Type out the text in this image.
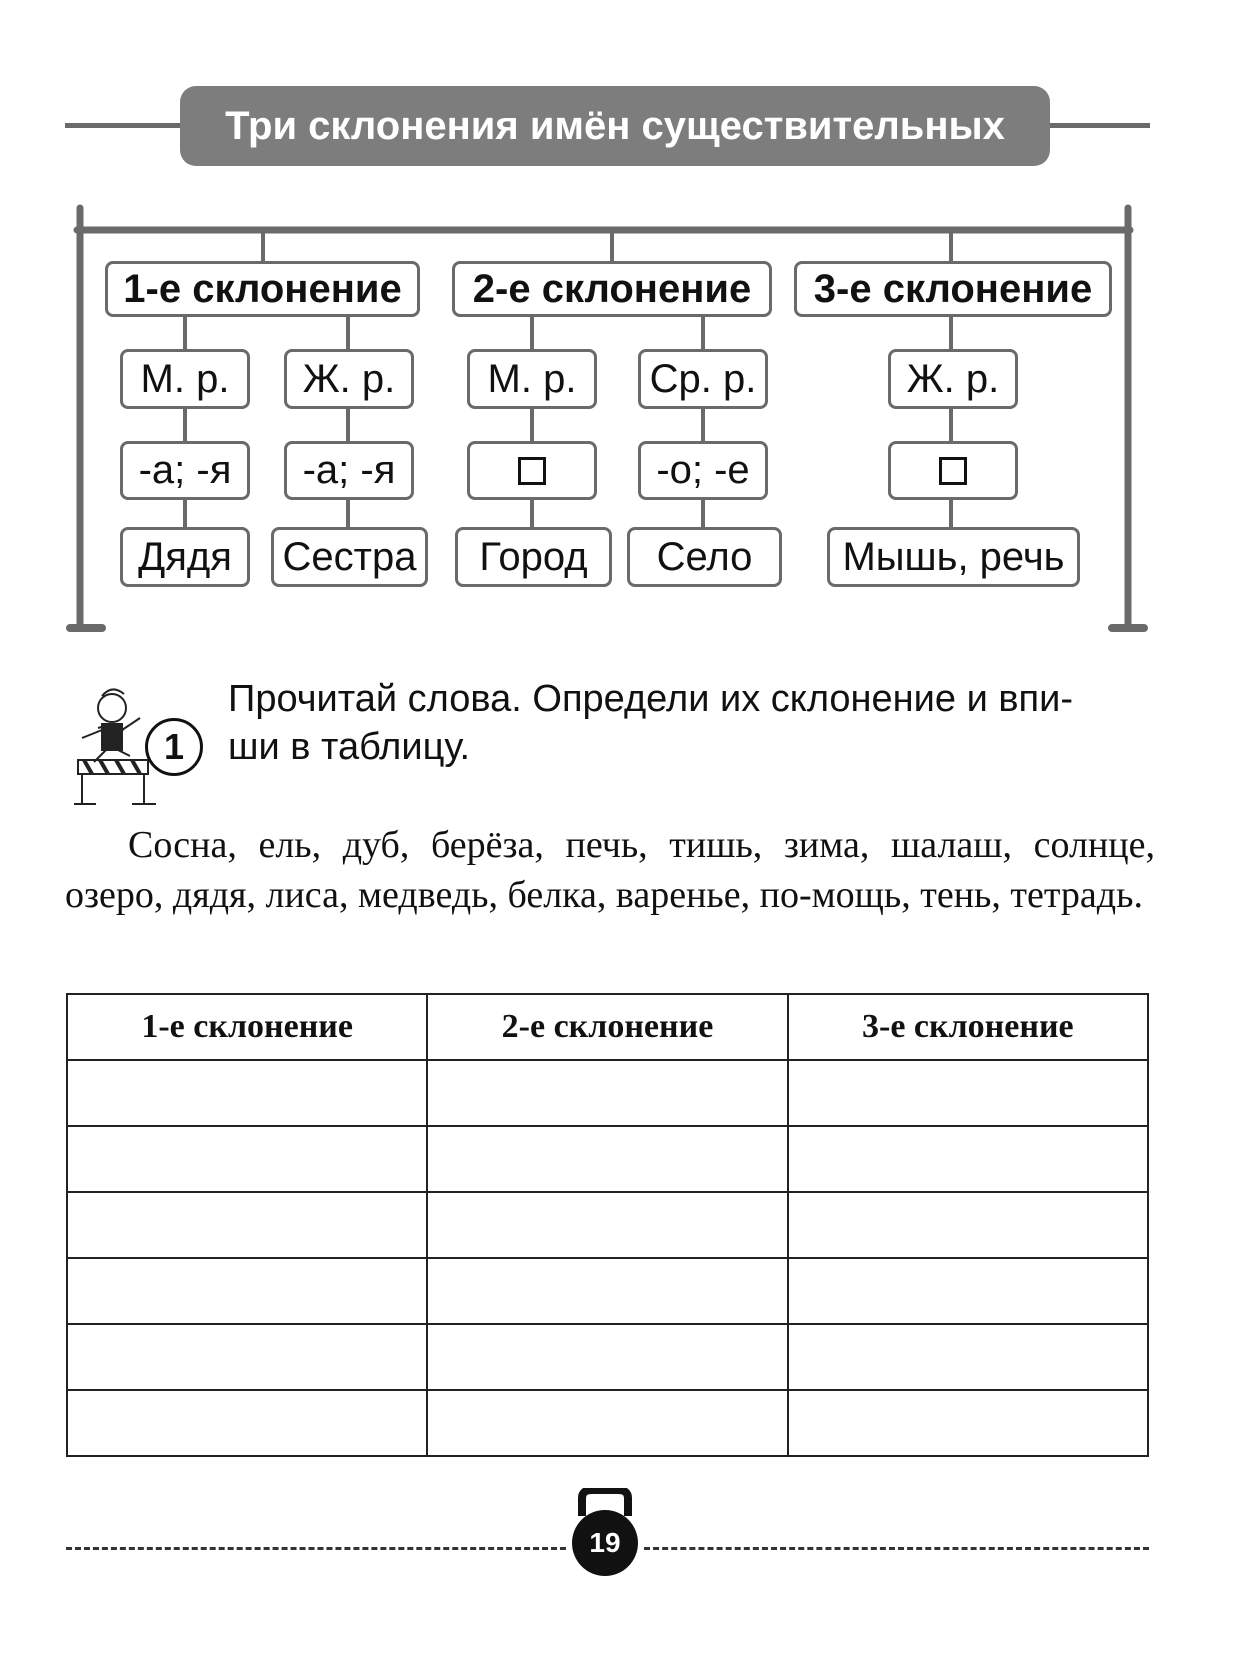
Три склонения имён существительных
1-е склонение	2-е склонение	3-е склонение
М. р.	Ж. р.	М. р.	Ср. р.	Ж. р.
-а; -я	-а; -я	-о; -е
Дядя	Сестра	Город	Село	Мышь, речь
1
Прочитай слова. Определи их склонение и впи-
ши в таблицу.
Сосна, ель, дуб, берёза, печь, тишь, зима, шалаш, солнце, озеро, дядя, лиса, медведь, белка, варенье, по-мощь, тень, тетрадь.
1-е склонение	2-е склонение	3-е склонение

19
